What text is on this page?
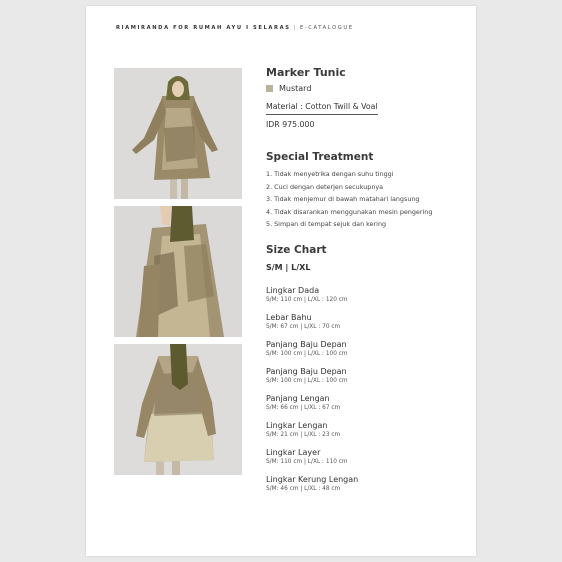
RIAMIRANDA FOR RUMAH AYU I SELARAS | E-CATALOGUE
Marker Tunic
Mustard
Material : Cotton Twill & Voal
IDR 975.000
Special Treatment
1. Tidak menyetrika dengan suhu tinggi
2. Cuci dengan deterjen secukupnya
3. Tidak menjemur di bawah matahari langsung
4. Tidak disarankan menggunakan mesin pengering
5. Simpan di tempat sejuk dan kering
Size Chart
S/M | L/XL
Lingkar Dada
S/M: 110 cm | L/XL : 120 cm
Lebar Bahu
S/M: 67 cm | L/XL : 70 cm
Panjang Baju Depan
S/M: 100 cm | L/XL : 100 cm
Panjang Baju Depan
S/M: 100 cm | L/XL : 100 cm
Panjang Lengan
S/M: 66 cm | L/XL : 67 cm
Lingkar Lengan
S/M: 21 cm | L/XL : 23 cm
Lingkar Layer
S/M: 110 cm | L/XL : 110 cm
Lingkar Kerung Lengan
S/M: 46 cm | L/XL : 48 cm
